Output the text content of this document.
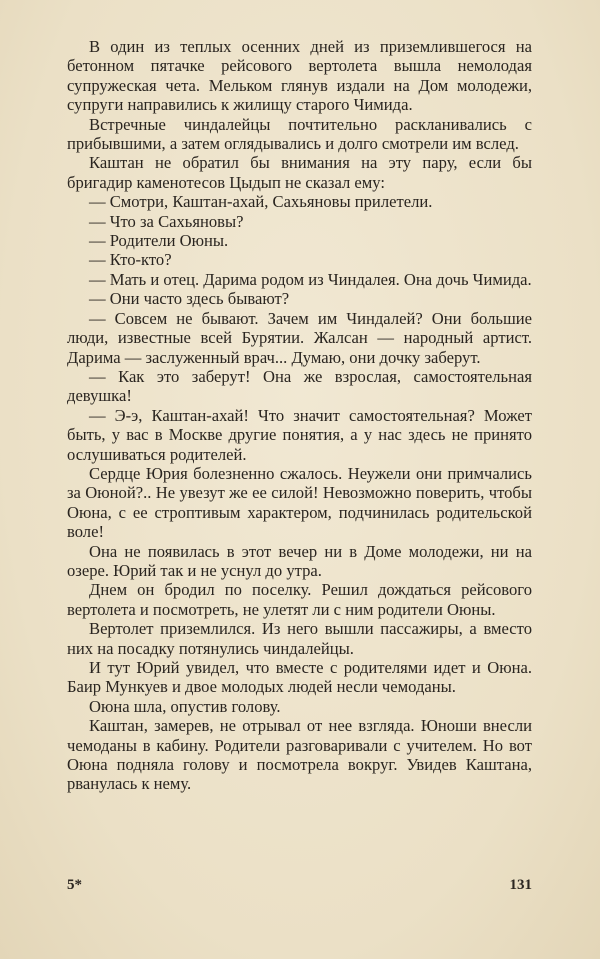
В один из теплых осенних дней из приземлившегося на бетонном пятачке рейсового вертолета вышла немолодая супружеская чета. Мельком глянув издали на Дом молодежи, супруги направились к жилищу старого Чимида.

Встречные чиндалейцы почтительно раскланивались с прибывшими, а затем оглядывались и долго смотрели им вслед.

Каштан не обратил бы внимания на эту пару, если бы бригадир каменотесов Цыдып не сказал ему:

— Смотри, Каштан-ахай, Сахьяновы прилетели.

— Что за Сахьяновы?

— Родители Оюны.

— Кто-кто?

— Мать и отец. Дарима родом из Чиндалея. Она дочь Чимида.

— Они часто здесь бывают?

— Совсем не бывают. Зачем им Чиндалей? Они большие люди, известные всей Бурятии. Жалсан — народный артист. Дарима — заслуженный врач... Думаю, они дочку заберут.

— Как это заберут! Она же взрослая, самостоятельная девушка!

— Э-э, Каштан-ахай! Что значит самостоятельная? Может быть, у вас в Москве другие понятия, а у нас здесь не принято ослушиваться родителей.

Сердце Юрия болезненно сжалось. Неужели они примчались за Оюной?.. Не увезут же ее силой! Невозможно поверить, чтобы Оюна, с ее строптивым характером, подчинилась родительской воле!

Она не появилась в этот вечер ни в Доме молодежи, ни на озере. Юрий так и не уснул до утра.

Днем он бродил по поселку. Решил дождаться рейсового вертолета и посмотреть, не улетят ли с ним родители Оюны.

Вертолет приземлился. Из него вышли пассажиры, а вместо них на посадку потянулись чиндалейцы.

И тут Юрий увидел, что вместе с родителями идет и Оюна. Баир Мункуев и двое молодых людей несли чемоданы.

Оюна шла, опустив голову.

Каштан, замерев, не отрывал от нее взгляда. Юноши внесли чемоданы в кабину. Родители разговаривали с учителем. Но вот Оюна подняла голову и посмотрела вокруг. Увидев Каштана, рванулась к нему.

5*	131
